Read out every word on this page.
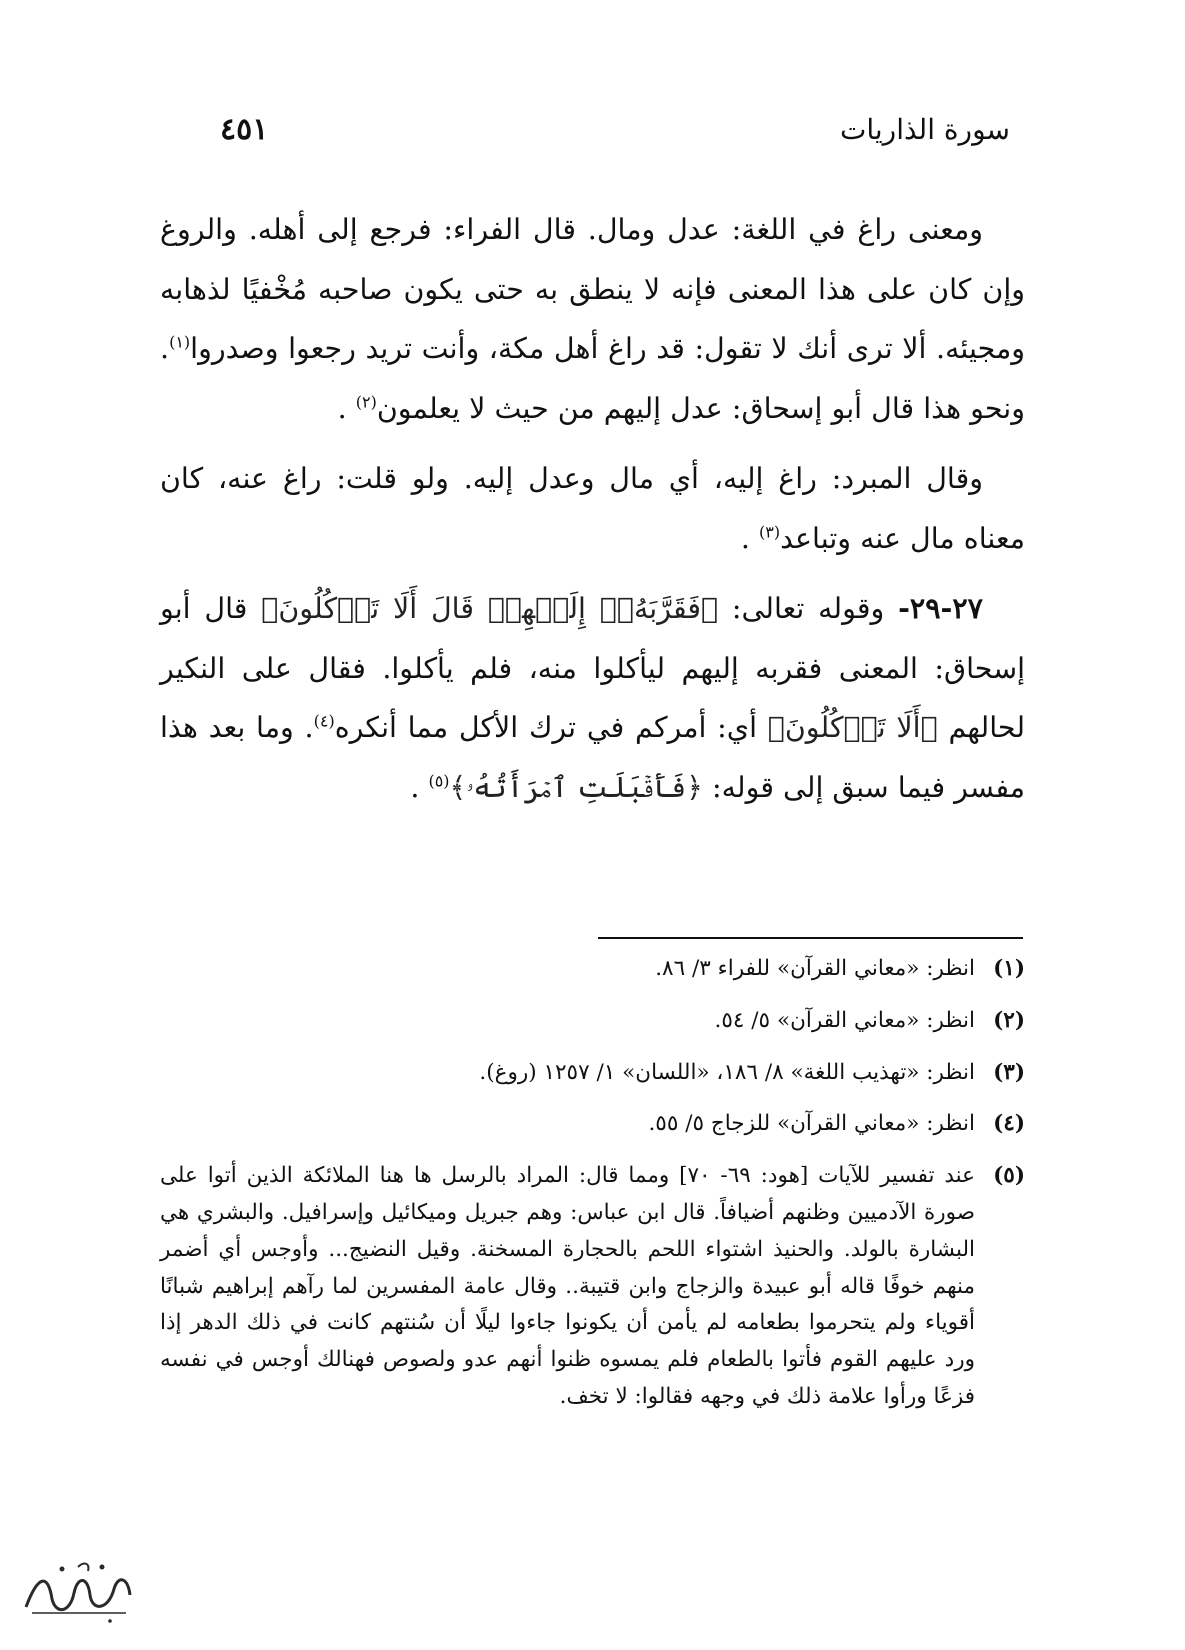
سورة الذاريات
٤٥١

ومعنى راغ في اللغة: عدل ومال. قال الفراء: فرجع إلى أهله. والروغ وإن كان على هذا المعنى فإنه لا ينطق به حتى يكون صاحبه مُخْفيًا لذهابه ومجيئه. ألا ترى أنك لا تقول: قد راغ أهل مكة، وأنت تريد رجعوا وصدروا$^{(١)}$. ونحو هذا قال أبو إسحاق: عدل إليهم من حيث لا يعلمون$^{(٢)}$ .

وقال المبرد: راغ إليه، أي مال وعدل إليه. ولو قلت: راغ عنه، كان معناه مال عنه وتباعد$^{(٣)}$ .

٢٧-٢٩- وقوله تعالى: ﴿فَقَرَّبَهُۥٓ إِلَيۡهِمۡ قَالَ أَلَا تَأۡكُلُونَ﴾ قال أبو إسحاق: المعنى فقربه إليهم ليأكلوا منه، فلم يأكلوا. فقال على النكير لحالهم ﴿أَلَا تَأۡكُلُونَ﴾ أي: أمركم في ترك الأكل مما أنكره$^{(٤)}$. وما بعد هذا مفسر فيما سبق إلى قوله: ﴿فَأَقۡبَلَتِ ٱمۡرَأَتُهُۥ﴾$^{(٥)}$ .

(١)
انظر: «معاني القرآن» للفراء ٣/ ٨٦.
(٢)
انظر: «معاني القرآن» ٥/ ٥٤.
(٣)
انظر: «تهذيب اللغة» ٨/ ١٨٦، «اللسان» ١/ ١٢٥٧ (روغ).
(٤)
انظر: «معاني القرآن» للزجاج ٥/ ٥٥.
(٥)
عند تفسير للآيات [هود: ٦٩- ٧٠] ومما قال: المراد بالرسل ها هنا الملائكة الذين أتوا على صورة الآدميين وظنهم أضيافاً. قال ابن عباس: وهم جبريل وميكائيل وإسرافيل. والبشري هي البشارة بالولد. والحنيذ اشتواء اللحم بالحجارة المسخنة. وقيل النضيج... وأوجس أي أضمر منهم خوفًا قاله أبو عبيدة والزجاج وابن قتيبة.. وقال عامة المفسرين لما رآهم إبراهيم شبانًا أقوياء ولم يتحرموا بطعامه لم يأمن أن يكونوا جاءوا ليلًا أن سُنتهم كانت في ذلك الدهر إذا ورد عليهم القوم فأتوا بالطعام فلم يمسوه ظنوا أنهم عدو ولصوص فهنالك أوجس في نفسه فزعًا ورأوا علامة ذلك في وجهه فقالوا: لا تخف.
